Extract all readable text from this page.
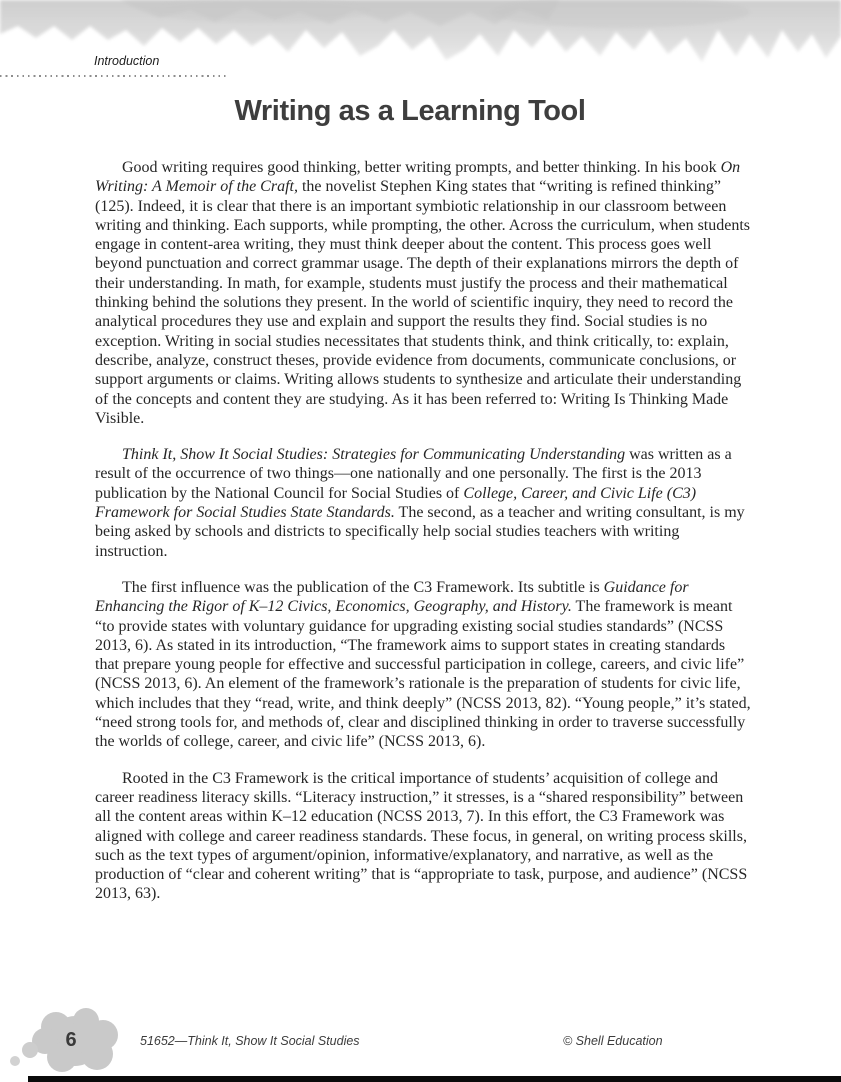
Introduction
Writing as a Learning Tool

Good writing requires good thinking, better writing prompts, and better thinking. In his book On Writing: A Memoir of the Craft, the novelist Stephen King states that “writing is refined thinking” (125). Indeed, it is clear that there is an important symbiotic relationship in our classroom between writing and thinking. Each supports, while prompting, the other. Across the curriculum, when students engage in content-area writing, they must think deeper about the content. This process goes well beyond punctuation and correct grammar usage. The depth of their explanations mirrors the depth of their understanding. In math, for example, students must justify the process and their mathematical thinking behind the solutions they present. In the world of scientific inquiry, they need to record the analytical procedures they use and explain and support the results they find. Social studies is no exception. Writing in social studies necessitates that students think, and think critically, to: explain, describe, analyze, construct theses, provide evidence from documents, communicate conclusions, or support arguments or claims. Writing allows students to synthesize and articulate their understanding of the concepts and content they are studying. As it has been referred to: Writing Is Thinking Made Visible.

Think It, Show It Social Studies: Strategies for Communicating Understanding was written as a result of the occurrence of two things—one nationally and one personally. The first is the 2013 publication by the National Council for Social Studies of College, Career, and Civic Life (C3) Framework for Social Studies State Standards. The second, as a teacher and writing consultant, is my being asked by schools and districts to specifically help social studies teachers with writing instruction.

The first influence was the publication of the C3 Framework. Its subtitle is Guidance for Enhancing the Rigor of K–12 Civics, Economics, Geography, and History. The framework is meant “to provide states with voluntary guidance for upgrading existing social studies standards” (NCSS 2013, 6). As stated in its introduction, “The framework aims to support states in creating standards that prepare young people for effective and successful participation in college, careers, and civic life” (NCSS 2013, 6). An element of the framework’s rationale is the preparation of students for civic life, which includes that they “read, write, and think deeply” (NCSS 2013, 82). “Young people,” it’s stated, “need strong tools for, and methods of, clear and disciplined thinking in order to traverse successfully the worlds of college, career, and civic life” (NCSS 2013, 6).

Rooted in the C3 Framework is the critical importance of students’ acquisition of college and career readiness literacy skills. “Literacy instruction,” it stresses, is a “shared responsibility” between all the content areas within K–12 education (NCSS 2013, 7). In this effort, the C3 Framework was aligned with college and career readiness standards. These focus, in general, on writing process skills, such as the text types of argument/opinion, informative/explanatory, and narrative, as well as the production of “clear and coherent writing” that is “appropriate to task, purpose, and audience” (NCSS 2013, 63).

6	51652—Think It, Show It Social Studies	© Shell Education
